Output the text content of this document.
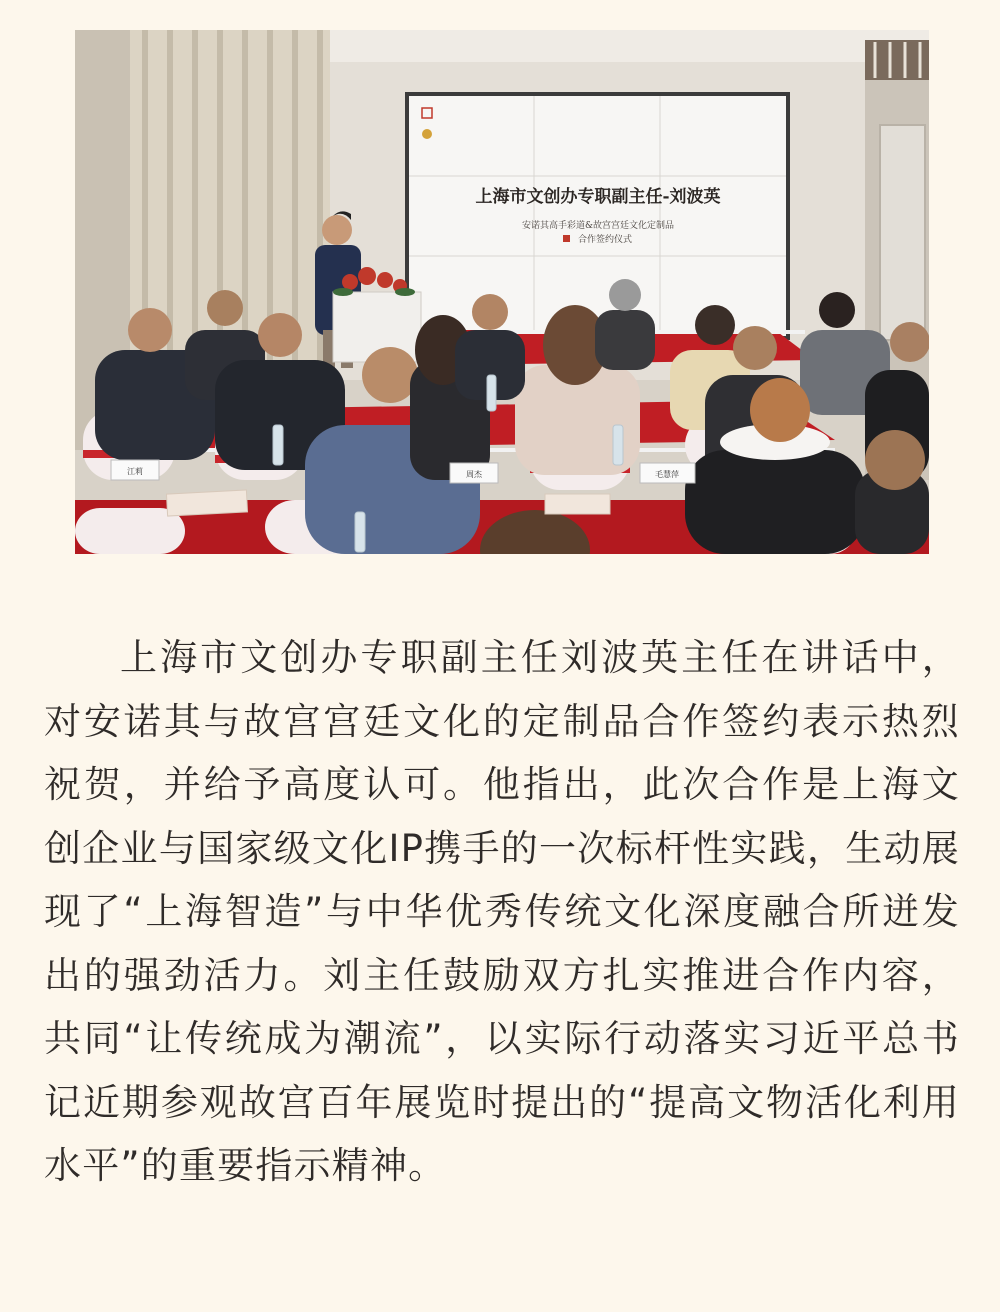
上海市文创办专职副主任-刘波英
安诺其高手彩道&故宫宫廷文化定制品
合作签约仪式
江莉	周杰	毛慧萍

上海市文创办专职副主任刘波英主任在讲话中，对安诺其与故宫宫廷文化的定制品合作签约表示热烈祝贺，并给予高度认可。他指出，此次合作是上海文创企业与国家级文化IP携手的一次标杆性实践，生动展现了“上海智造”与中华优秀传统文化深度融合所迸发出的强劲活力。刘主任鼓励双方扎实推进合作内容，共同“让传统成为潮流”，以实际行动落实习近平总书记近期参观故宫百年展览时提出的“提高文物活化利用水平”的重要指示精神。
